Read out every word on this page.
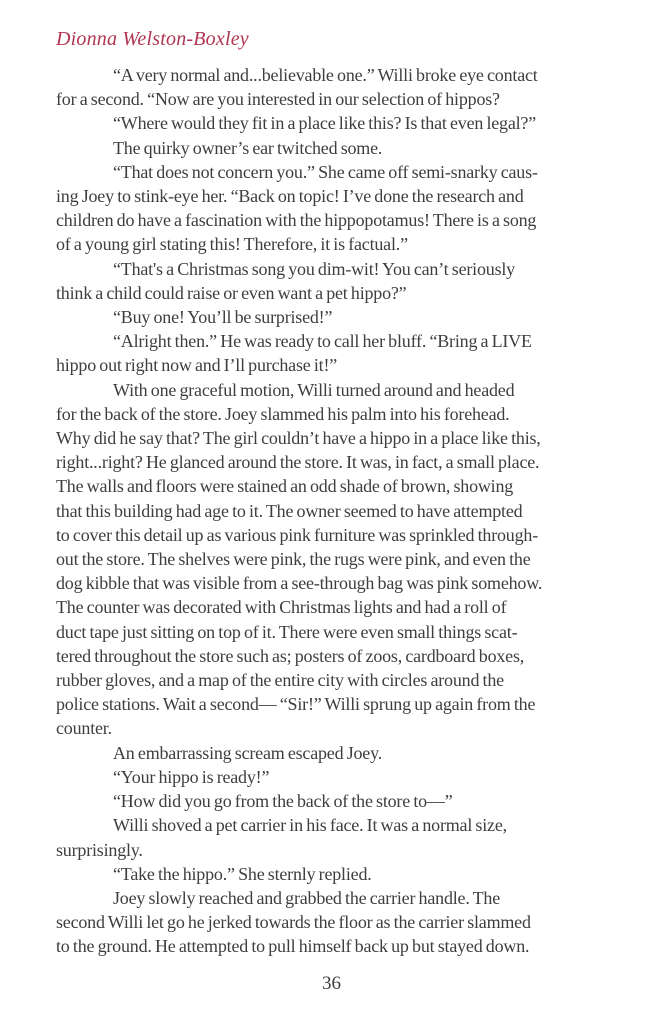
Dionna Welston-Boxley
“A very normal and...believable one.” Willi broke eye contact
for a second. “Now are you interested in our selection of hippos?
“Where would they fit in a place like this? Is that even legal?”
The quirky owner’s ear twitched some.
“That does not concern you.” She came off semi-snarky caus-
ing Joey to stink-eye her. “Back on topic! I’ve done the research and
children do have a fascination with the hippopotamus! There is a song
of a young girl stating this! Therefore, it is factual.”
“That's a Christmas song you dim-wit! You can’t seriously
think a child could raise or even want a pet hippo?”
“Buy one! You’ll be surprised!”
“Alright then.” He was ready to call her bluff. “Bring a LIVE
hippo out right now and I’ll purchase it!”
With one graceful motion, Willi turned around and headed
for the back of the store. Joey slammed his palm into his forehead.
Why did he say that? The girl couldn’t have a hippo in a place like this,
right...right? He glanced around the store. It was, in fact, a small place.
The walls and floors were stained an odd shade of brown, showing
that this building had age to it. The owner seemed to have attempted
to cover this detail up as various pink furniture was sprinkled through-
out the store. The shelves were pink, the rugs were pink, and even the
dog kibble that was visible from a see-through bag was pink somehow.
The counter was decorated with Christmas lights and had a roll of
duct tape just sitting on top of it. There were even small things scat-
tered throughout the store such as; posters of zoos, cardboard boxes,
rubber gloves, and a map of the entire city with circles around the
police stations. Wait a second— “Sir!” Willi sprung up again from the
counter.
An embarrassing scream escaped Joey.
“Your hippo is ready!”
“How did you go from the back of the store to—”
Willi shoved a pet carrier in his face. It was a normal size,
surprisingly.
“Take the hippo.” She sternly replied.
Joey slowly reached and grabbed the carrier handle. The
second Willi let go he jerked towards the floor as the carrier slammed
to the ground. He attempted to pull himself back up but stayed down.
36
